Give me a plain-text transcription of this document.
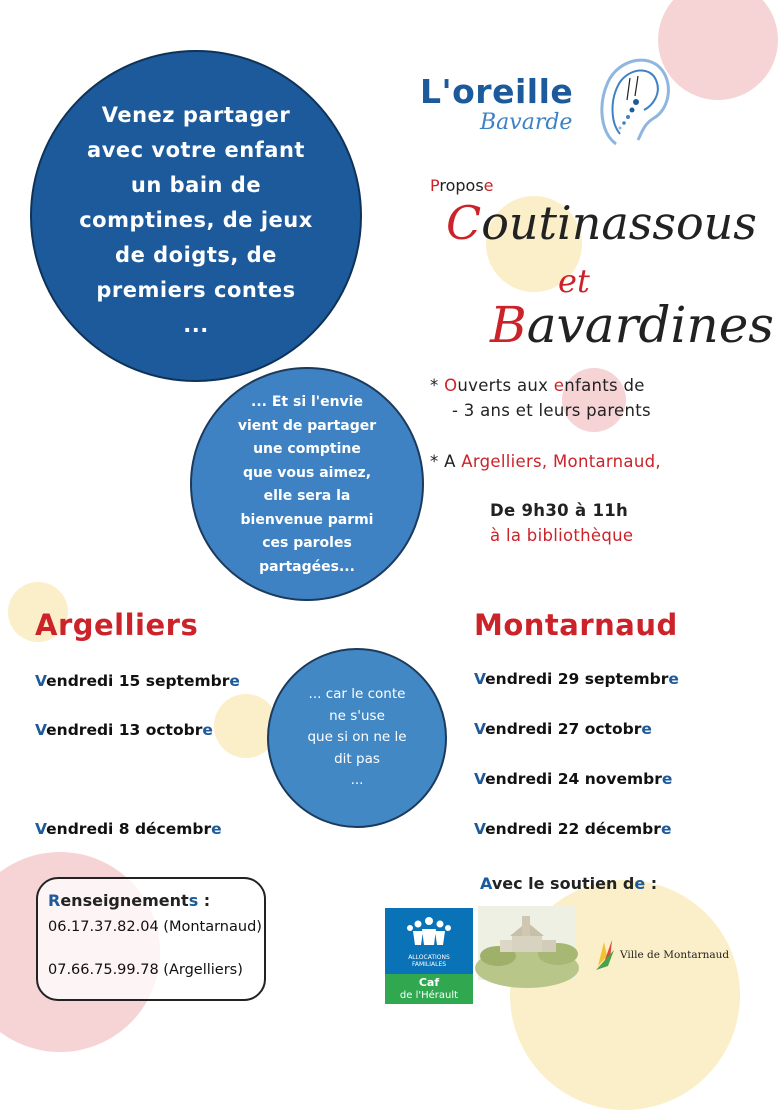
Venez partager
avec votre enfant
un bain de
comptines, de jeux
de doigts, de
premiers contes
...
... Et si l'envie
vient de partager
une comptine
que vous aimez,
elle sera la
bienvenue parmi
ces paroles
partagées...
... car le conte
ne s'use
que si on ne le
dit pas
...
L'oreille
Bavarde
Propose
Coutinassous
et
Bavardines
* Ouverts aux enfants de
- 3 ans et leurs parents
* A Argelliers, Montarnaud,
De 9h30 à 11h
à la bibliothèque
Argelliers	Montarnaud
Vendredi 15 septembre
Vendredi 13 octobre
Vendredi 8 décembre
Vendredi 29 septembre
Vendredi 27 octobre
Vendredi 24 novembre
Vendredi 22 décembre
Renseignements :
06.17.37.82.04 (Montarnaud)
07.66.75.99.78 (Argelliers)
Avec le soutien de :
ALLOCATIONS
FAMILIALES
Caf
de l'Hérault
Ville de Montarnaud
